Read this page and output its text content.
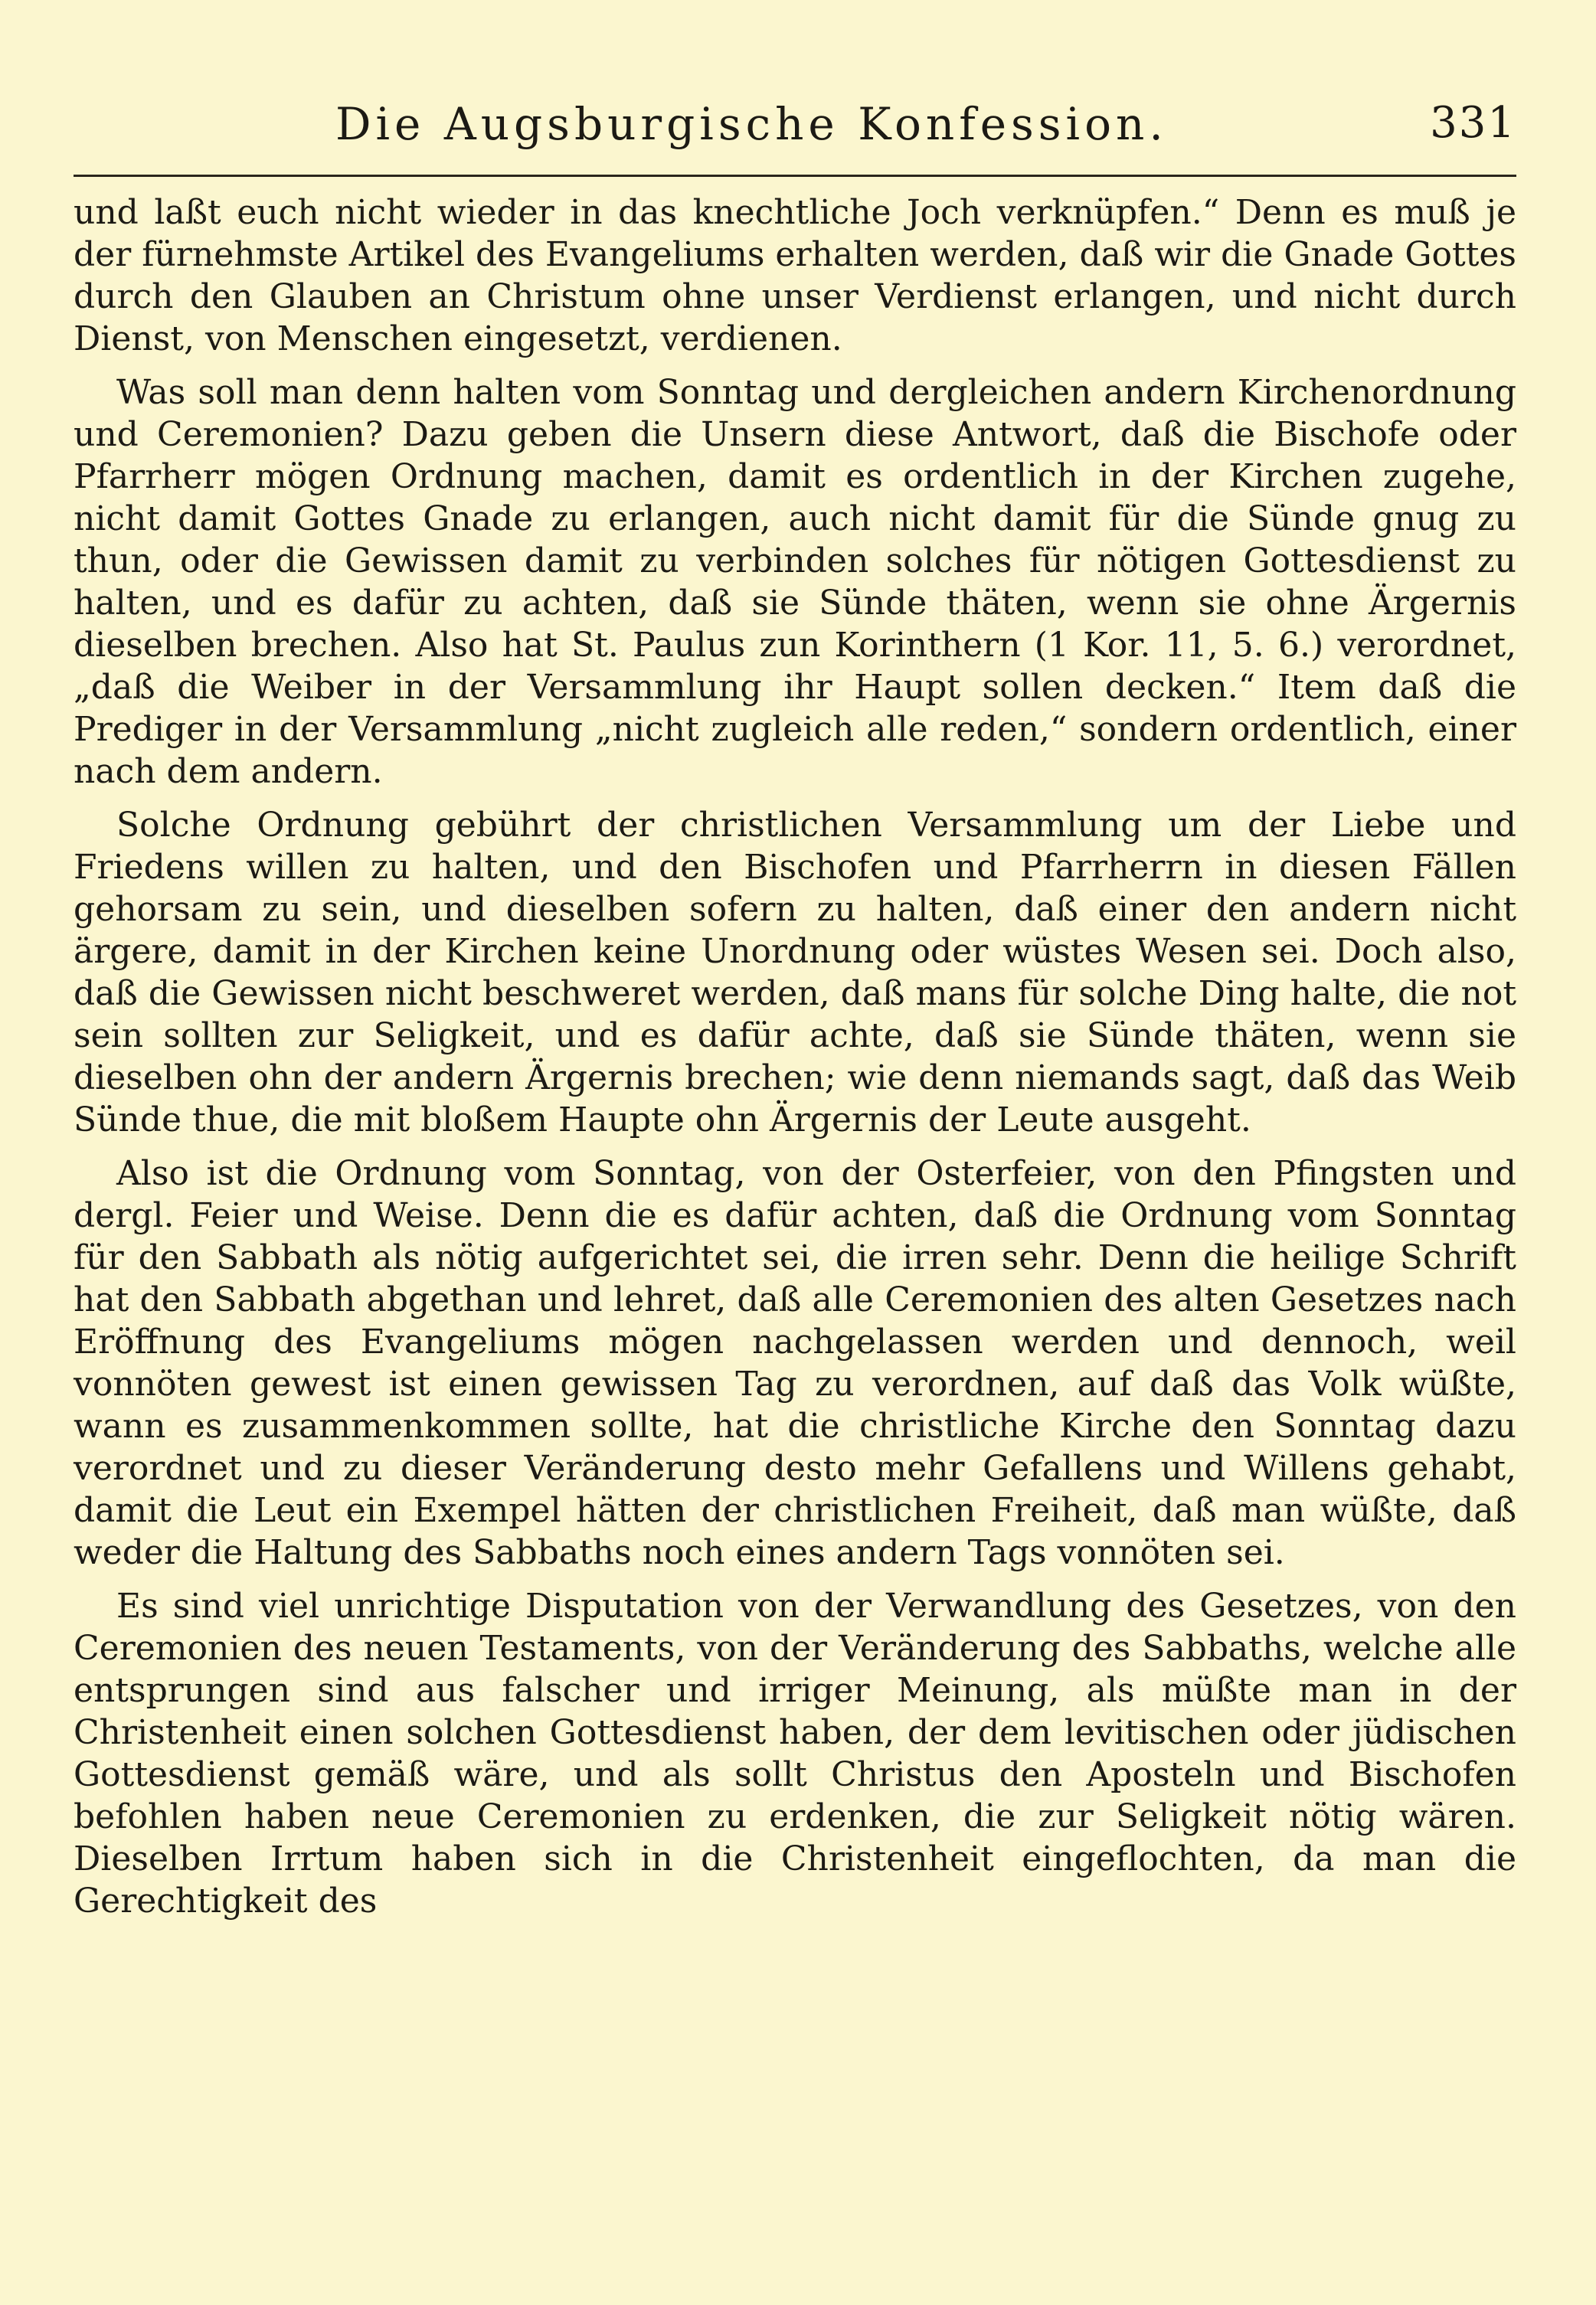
Die Augsburgische Konfession.	331

und laßt euch nicht wieder in das knechtliche Joch verknüpfen.“ Denn es muß je der fürnehmste Artikel des Evangeliums erhalten werden, daß wir die Gnade Gottes durch den Glauben an Christum ohne unser Verdienst erlangen, und nicht durch Dienst, von Menschen eingesetzt, verdienen.

Was soll man denn halten vom Sonntag und dergleichen andern Kirchenordnung und Ceremonien? Dazu geben die Unsern diese Antwort, daß die Bischofe oder Pfarrherr mögen Ordnung machen, damit es ordentlich in der Kirchen zugehe, nicht damit Gottes Gnade zu erlangen, auch nicht damit für die Sünde gnug zu thun, oder die Gewissen damit zu verbinden solches für nötigen Gottesdienst zu halten, und es dafür zu achten, daß sie Sünde thäten, wenn sie ohne Ärgernis dieselben brechen. Also hat St. Paulus zun Korinthern (1 Kor. 11, 5. 6.) verordnet, „daß die Weiber in der Versammlung ihr Haupt sollen decken.“ Item daß die Prediger in der Versammlung „nicht zugleich alle reden,“ sondern ordentlich, einer nach dem andern.

Solche Ordnung gebührt der christlichen Versammlung um der Liebe und Friedens willen zu halten, und den Bischofen und Pfarrherrn in diesen Fällen gehorsam zu sein, und dieselben sofern zu halten, daß einer den andern nicht ärgere, damit in der Kirchen keine Unordnung oder wüstes Wesen sei. Doch also, daß die Gewissen nicht beschweret werden, daß mans für solche Ding halte, die not sein sollten zur Seligkeit, und es dafür achte, daß sie Sünde thäten, wenn sie dieselben ohn der andern Ärgernis brechen; wie denn niemands sagt, daß das Weib Sünde thue, die mit bloßem Haupte ohn Ärgernis der Leute ausgeht.

Also ist die Ordnung vom Sonntag, von der Osterfeier, von den Pfingsten und dergl. Feier und Weise. Denn die es dafür achten, daß die Ordnung vom Sonntag für den Sabbath als nötig aufgerichtet sei, die irren sehr. Denn die heilige Schrift hat den Sabbath abgethan und lehret, daß alle Ceremonien des alten Gesetzes nach Eröffnung des Evangeliums mögen nachgelassen werden und dennoch, weil vonnöten gewest ist einen gewissen Tag zu verordnen, auf daß das Volk wüßte, wann es zusammenkommen sollte, hat die christliche Kirche den Sonntag dazu verordnet und zu dieser Veränderung desto mehr Gefallens und Willens gehabt, damit die Leut ein Exempel hätten der christlichen Freiheit, daß man wüßte, daß weder die Haltung des Sabbaths noch eines andern Tags vonnöten sei.

Es sind viel unrichtige Disputation von der Verwandlung des Gesetzes, von den Ceremonien des neuen Testaments, von der Veränderung des Sabbaths, welche alle entsprungen sind aus falscher und irriger Meinung, als müßte man in der Christenheit einen solchen Gottesdienst haben, der dem levitischen oder jüdischen Gottesdienst gemäß wäre, und als sollt Christus den Aposteln und Bischofen befohlen haben neue Ceremonien zu erdenken, die zur Seligkeit nötig wären. Dieselben Irrtum haben sich in die Christenheit eingeflochten, da man die Gerechtigkeit des
